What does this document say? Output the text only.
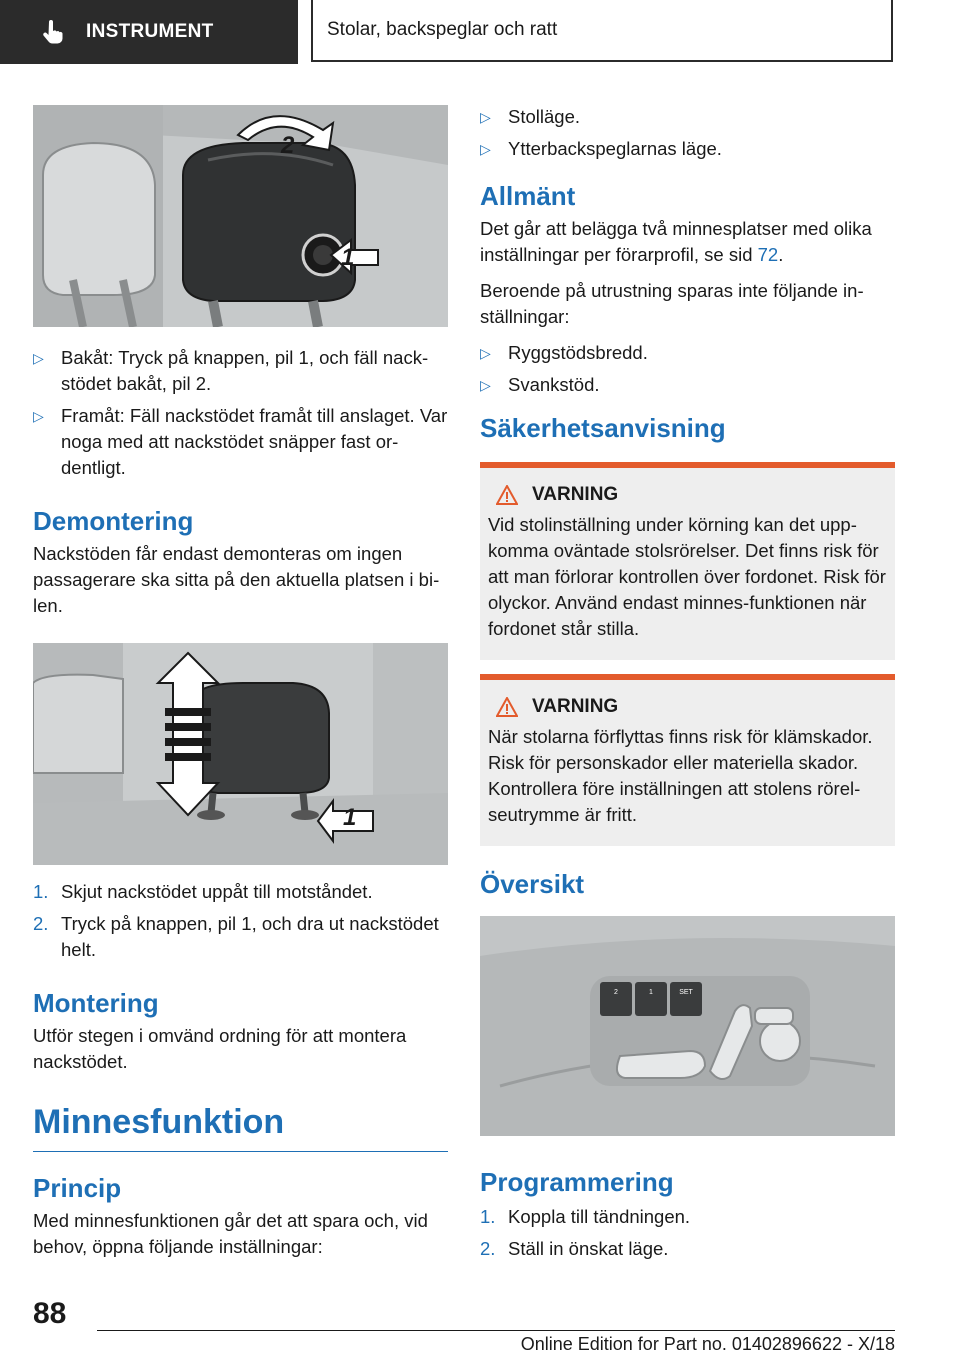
INSTRUMENT	Stolar, backspeglar och ratt
2
1
▷ Bakåt: Tryck på knappen, pil 1, och fäll nackstödet bakåt, pil 2.
▷ Framåt: Fäll nackstödet framåt till anslaget. Var noga med att nackstödet snäpper fast ordentligt.
Demontering

Nackstöden får endast demonteras om ingen passagerare ska sitta på den aktuella platsen i bilen.

1
1. Skjut nackstödet uppåt till motståndet.
2. Tryck på knappen, pil 1, och dra ut nackstödet helt.
Montering

Utför stegen i omvänd ordning för att montera nackstödet.

Minnesfunktion
Princip

Med minnesfunktionen går det att spara och, vid behov, öppna följande inställningar:

▷ Stolläge.
▷ Ytterbackspeglarnas läge.
Allmänt

Det går att belägga två minnesplatser med olika inställningar per förarprofil, se sid 72.

Beroende på utrustning sparas inte följande inställningar:

▷ Ryggstödsbredd.
▷ Svankstöd.
Säkerhetsanvisning
VARNING

Vid stolinställning under körning kan det uppkomma oväntade stolsrörelser. Det finns risk för att man förlorar kontrollen över fordonet. Risk för olyckor. Använd endast minnes-funktionen när fordonet står stilla.

VARNING

När stolarna förflyttas finns risk för klämskador. Risk för personskador eller materiella skador. Kontrollera före inställningen att stolens rörelseutrymme är fritt.

Översikt
2	1	SET
Programmering
1. Koppla till tändningen.
2. Ställ in önskat läge.
88
Online Edition for Part no. 01402896622 - X/18
